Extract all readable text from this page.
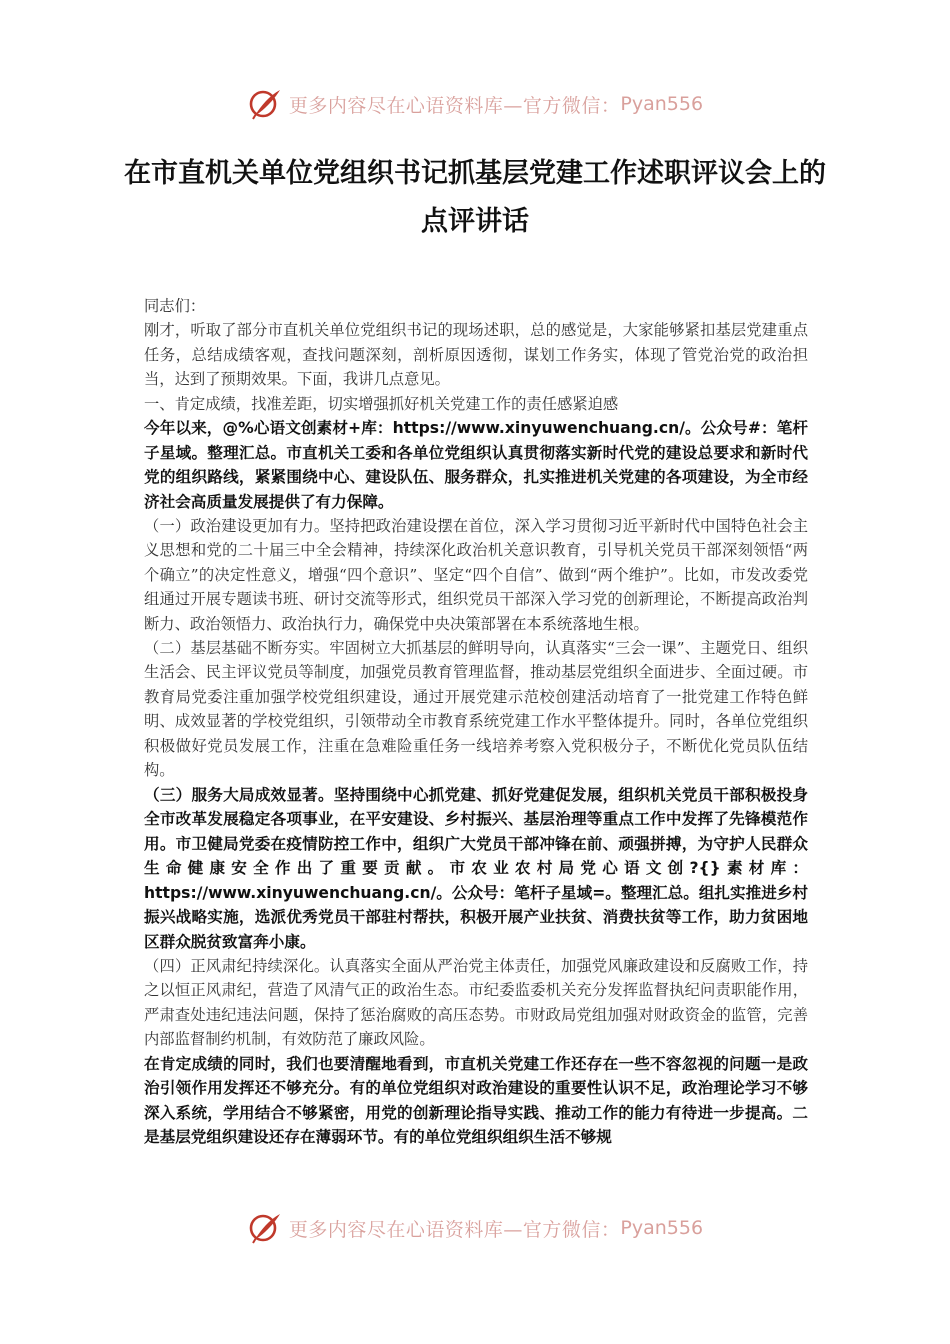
更多内容尽在心语资料库—官方微信： Pyan556
在市直机关单位党组织书记抓基层党建工作述职评议会上的点评讲话

同志们：

刚才，听取了部分市直机关单位党组织书记的现场述职，总的感觉是，大家能够紧扣基层党建重点任务，总结成绩客观，查找问题深刻，剖析原因透彻，谋划工作务实，体现了管党治党的政治担当，达到了预期效果。下面，我讲几点意见。

一、肯定成绩，找准差距，切实增强抓好机关党建工作的责任感紧迫感

今年以来，@%心语文创素材+库：https://www.xinyuwenchuang.cn/。公众号#：笔杆子星域。整理汇总。市直机关工委和各单位党组织认真贯彻落实新时代党的建设总要求和新时代党的组织路线，紧紧围绕中心、建设队伍、服务群众，扎实推进机关党建的各项建设，为全市经济社会高质量发展提供了有力保障。

（一）政治建设更加有力。坚持把政治建设摆在首位，深入学习贯彻习近平新时代中国特色社会主义思想和党的二十届三中全会精神，持续深化政治机关意识教育，引导机关党员干部深刻领悟“两个确立”的决定性意义，增强“四个意识”、坚定“四个自信”、做到“两个维护”。比如，市发改委党组通过开展专题读书班、研讨交流等形式，组织党员干部深入学习党的创新理论，不断提高政治判断力、政治领悟力、政治执行力，确保党中央决策部署在本系统落地生根。

（二）基层基础不断夯实。牢固树立大抓基层的鲜明导向，认真落实“三会一课”、主题党日、组织生活会、民主评议党员等制度，加强党员教育管理监督，推动基层党组织全面进步、全面过硬。市教育局党委注重加强学校党组织建设，通过开展党建示范校创建活动培育了一批党建工作特色鲜明、成效显著的学校党组织，引领带动全市教育系统党建工作水平整体提升。同时，各单位党组织积极做好党员发展工作，注重在急难险重任务一线培养考察入党积极分子，不断优化党员队伍结构。

（三）服务大局成效显著。坚持围绕中心抓党建、抓好党建促发展，组织机关党员干部积极投身全市改革发展稳定各项事业，在平安建设、乡村振兴、基层治理等重点工作中发挥了先锋模范作用。市卫健局党委在疫情防控工作中，组织广大党员干部冲锋在前、顽强拼搏，为守护人民群众生命健康安全作出了重要贡献。市农业农村局党心语文创?{}素材库：https://www.xinyuwenchuang.cn/。公众号：笔杆子星域=。整理汇总。组扎实推进乡村振兴战略实施，选派优秀党员干部驻村帮扶，积极开展产业扶贫、消费扶贫等工作，助力贫困地区群众脱贫致富奔小康。

（四）正风肃纪持续深化。认真落实全面从严治党主体责任，加强党风廉政建设和反腐败工作，持之以恒正风肃纪，营造了风清气正的政治生态。市纪委监委机关充分发挥监督执纪问责职能作用，严肃查处违纪违法问题，保持了惩治腐败的高压态势。市财政局党组加强对财政资金的监管，完善内部监督制约机制，有效防范了廉政风险。

在肯定成绩的同时，我们也要清醒地看到，市直机关党建工作还存在一些不容忽视的问题一是政治引领作用发挥还不够充分。有的单位党组织对政治建设的重要性认识不足，政治理论学习不够深入系统，学用结合不够紧密，用党的创新理论指导实践、推动工作的能力有待进一步提高。二是基层党组织建设还存在薄弱环节。有的单位党组织组织生活不够规

更多内容尽在心语资料库—官方微信： Pyan556
